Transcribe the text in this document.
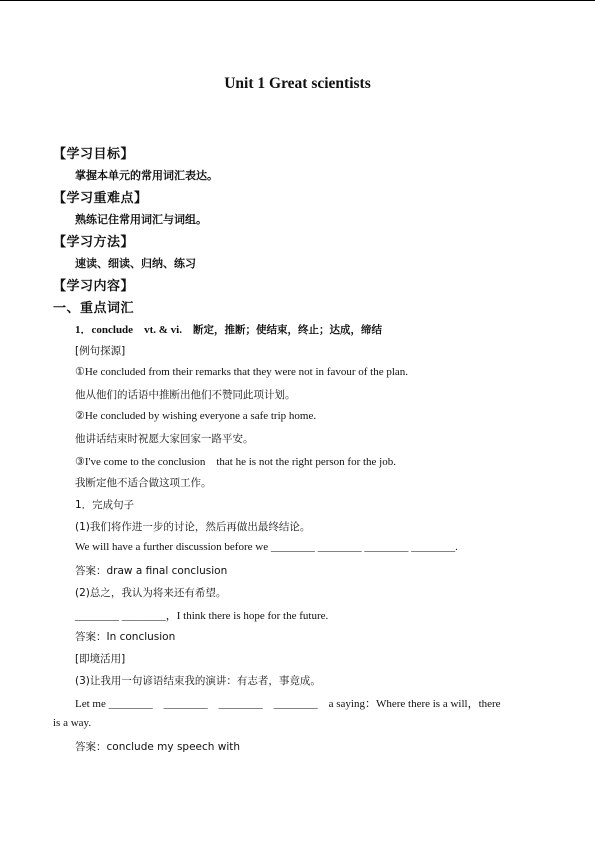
Unit 1 Great scientists
【学习目标】
掌握本单元的常用词汇表达。
【学习重难点】
熟练记住常用词汇与词组。
【学习方法】
速读、细读、归纳、练习
【学习内容】
一、重点词汇
1．conclude vt. & vi. 断定，推断；使结束，终止；达成，缔结
[例句探源]
①He concluded from their remarks that they were not in favour of the plan.
他从他们的话语中推断出他们不赞同此项计划。
②He concluded by wishing everyone a safe trip home.
他讲话结束时祝愿大家回家一路平安。
③I've come to the conclusion　that he is not the right person for the job.
我断定他不适合做这项工作。
1．完成句子
(1)我们将作进一步的讨论，然后再做出最终结论。
We will have a further discussion before we ________ ________ ________ ________.
答案：draw a final conclusion
(2)总之，我认为将来还有希望。
________ ________，I think there is hope for the future.
答案：In conclusion
[即境活用]
(3)让我用一句谚语结束我的演讲：有志者，事竟成。
Let me ________　________　________　________　a saying：Where there is a will，there
is a way.
答案：conclude my speech with
